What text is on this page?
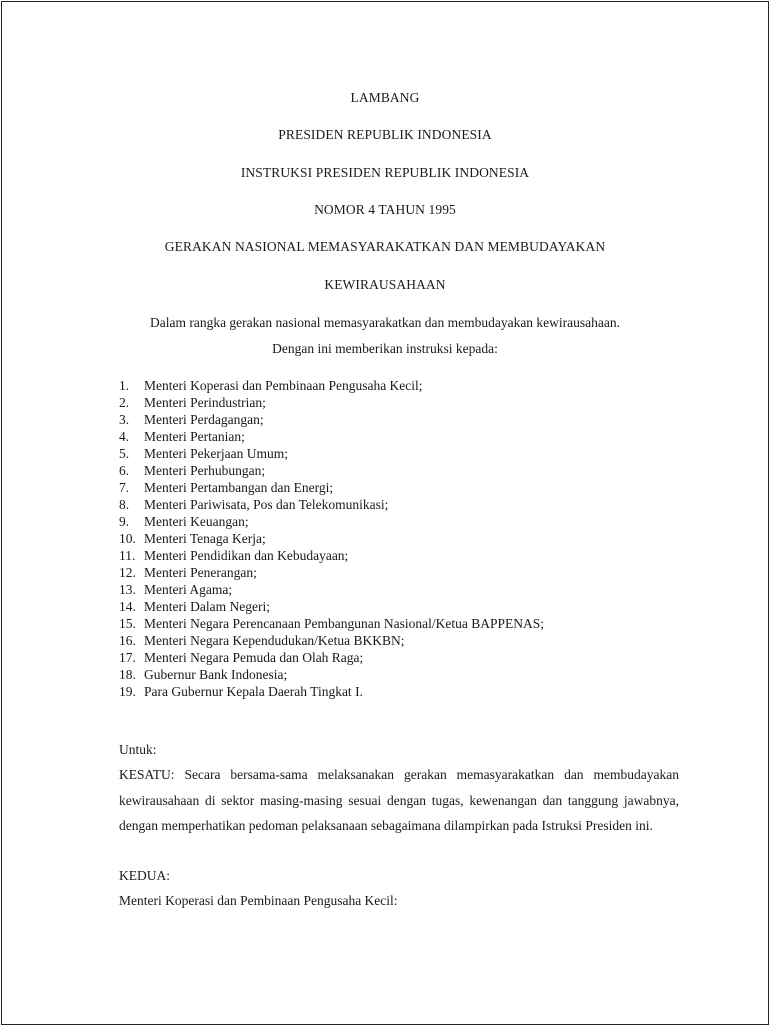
LAMBANG
PRESIDEN REPUBLIK INDONESIA
INSTRUKSI PRESIDEN REPUBLIK INDONESIA
NOMOR 4 TAHUN 1995
GERAKAN NASIONAL MEMASYARAKATKAN DAN MEMBUDAYAKAN
KEWIRAUSAHAAN
Dalam rangka gerakan nasional memasyarakatkan dan membudayakan kewirausahaan.
Dengan ini memberikan instruksi kepada:
1. Menteri Koperasi dan Pembinaan Pengusaha Kecil;
2. Menteri Perindustrian;
3. Menteri Perdagangan;
4. Menteri Pertanian;
5. Menteri Pekerjaan Umum;
6. Menteri Perhubungan;
7. Menteri Pertambangan dan Energi;
8. Menteri Pariwisata, Pos dan Telekomunikasi;
9. Menteri Keuangan;
10. Menteri Tenaga Kerja;
11. Menteri Pendidikan dan Kebudayaan;
12. Menteri Penerangan;
13. Menteri Agama;
14. Menteri Dalam Negeri;
15. Menteri Negara Perencanaan Pembangunan Nasional/Ketua BAPPENAS;
16. Menteri Negara Kependudukan/Ketua BKKBN;
17. Menteri Negara Pemuda dan Olah Raga;
18. Gubernur Bank Indonesia;
19. Para Gubernur Kepala Daerah Tingkat I.
Untuk:
KESATU: Secara bersama-sama melaksanakan gerakan memasyarakatkan dan membudayakan kewirausahaan di sektor masing-masing sesuai dengan tugas, kewenangan dan tanggung jawabnya, dengan memperhatikan pedoman pelaksanaan sebagaimana dilampirkan pada Istruksi Presiden ini.
KEDUA:
Menteri Koperasi dan Pembinaan Pengusaha Kecil:
